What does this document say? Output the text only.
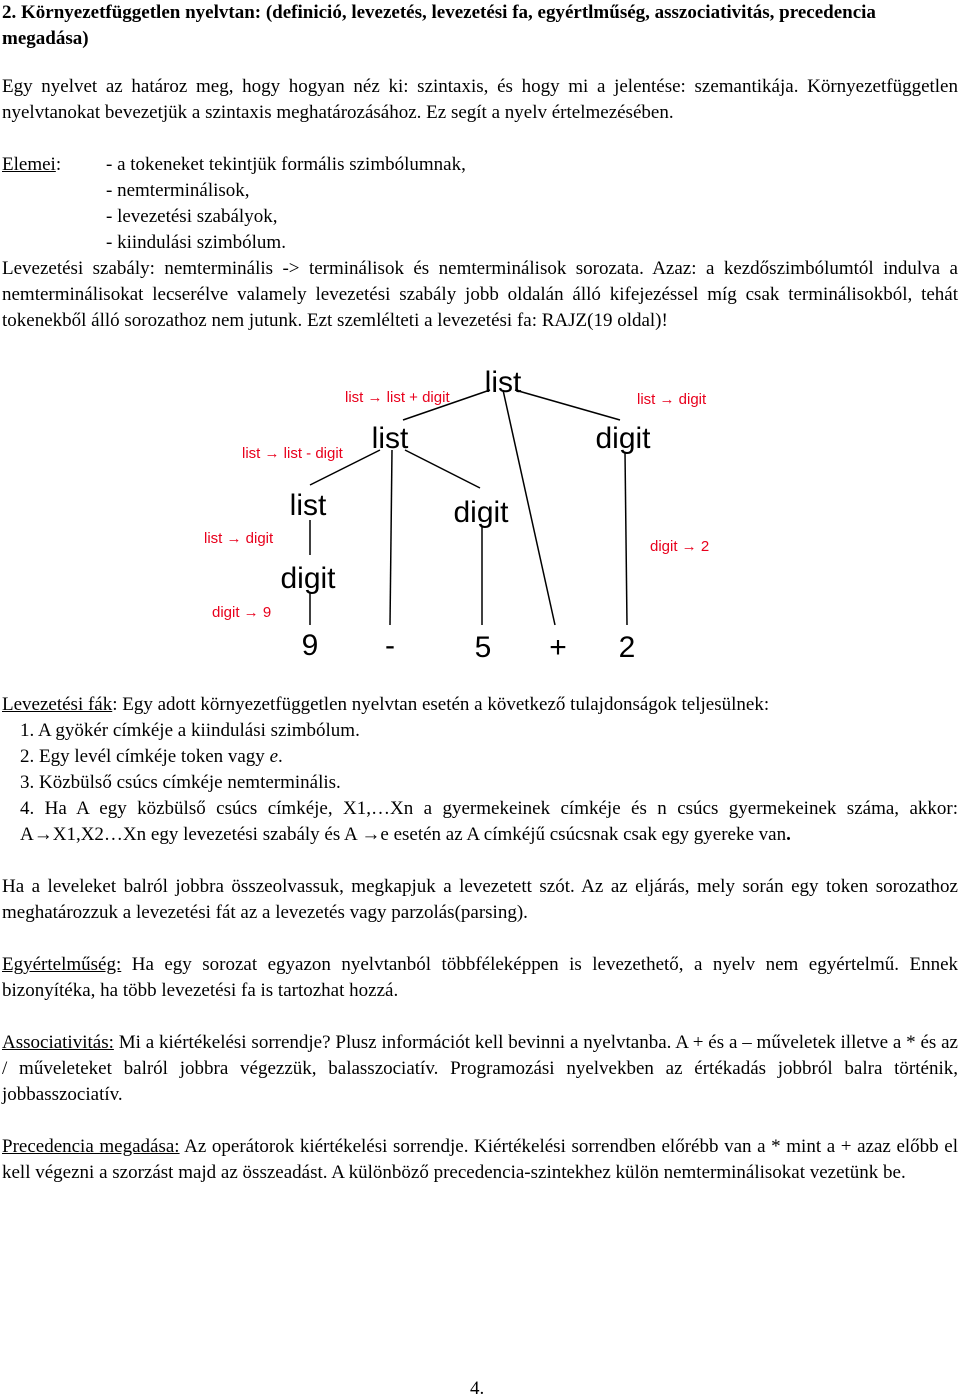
2. Környezetfüggetlen nyelvtan: (definició, levezetés, levezetési fa, egyértlműség, asszociativitás, precedencia megadása)
Egy nyelvet az határoz meg, hogy hogyan néz ki: szintaxis, és hogy mi a jelentése: szemantikája. Környezetfüggetlen nyelvtanokat bevezetjük a szintaxis meghatározásához. Ez segít a nyelv értelmezésében.
Elemei: - a tokeneket tekintjük formális szimbólumnak,
- nemterminálisok,
- levezetési szabályok,
- kiindulási szimbólum.
Levezetési szabály: nemterminális -> terminálisok és nemterminálisok sorozata. Azaz: a kezdőszimbólumtól indulva a nemterminálisokat lecserélve valamely levezetési szabály jobb oldalán álló kifejezéssel míg csak terminálisokból, tehát tokenekből álló sorozathoz nem jutunk. Ezt szemlélteti a levezetési fa: RAJZ(19 oldal)!
list
list	digit
list	digit
digit
9 -	5 + 2
list → list + digit	list → digit
list → list - digit
list → digit	digit → 2
digit → 9
Levezetési fák: Egy adott környezetfüggetlen nyelvtan esetén a következő tulajdonságok teljesülnek:
1. A gyökér címkéje a kiindulási szimbólum.
2. Egy levél címkéje token vagy e.
3. Közbülső csúcs címkéje nemterminális.
4. Ha A egy közbülső csúcs címkéje, X1,…Xn a gyermekeinek címkéje és n csúcs gyermekeinek száma, akkor: A→X1,X2…Xn egy levezetési szabály és A →e esetén az A címkéjű csúcsnak csak egy gyereke van.
Ha a leveleket balról jobbra összeolvassuk, megkapjuk a levezetett szót. Az az eljárás, mely során egy token sorozathoz meghatározzuk a levezetési fát az a levezetés vagy parzolás(parsing).
Egyértelműség: Ha egy sorozat egyazon nyelvtanból többféleképpen is levezethető, a nyelv nem egyértelmű. Ennek bizonyítéka, ha több levezetési fa is tartozhat hozzá.
Associativitás: Mi a kiértékelési sorrendje? Plusz információt kell bevinni a nyelvtanba. A + és a – műveletek illetve a * és az / műveleteket balról jobbra végezzük, balasszociatív. Programozási nyelvekben az értékadás jobbról balra történik, jobbasszociatív.
Precedencia megadása: Az operátorok kiértékelési sorrendje. Kiértékelési sorrendben előrébb van a * mint a + azaz előbb el kell végezni a szorzást majd az összeadást. A különböző precedencia-szintekhez külön nemterminálisokat vezetünk be.
4.
